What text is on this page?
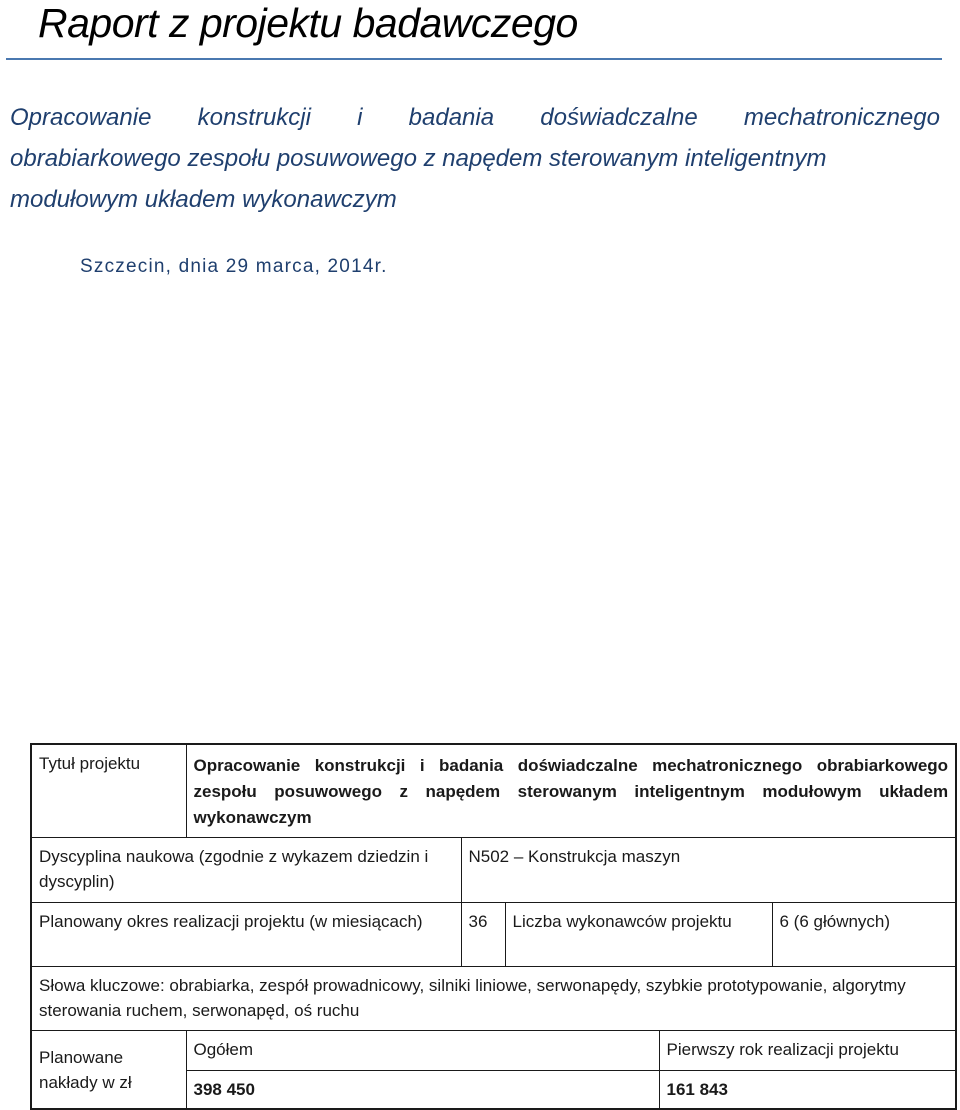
Raport z projektu badawczego
Opracowanie konstrukcji i badania doświadczalne mechatronicznego
obrabiarkowego zespołu posuwowego z napędem sterowanym inteligentnym
modułowym układem wykonawczym
Szczecin, dnia 29 marca, 2014r.
Tytuł projektu	Opracowanie konstrukcji i badania doświadczalne mechatronicznego obrabiarkowego zespołu posuwowego z napędem sterowanym inteligentnym modułowym układem wykonawczym				
Dyscyplina naukowa (zgodnie z wykazem dziedzin i dyscyplin)		N502 – Konstrukcja maszyn			
Planowany okres realizacji projektu (w miesiącach)		36	Liczba wykonawców projektu		6 (6 głównych)
Słowa kluczowe: obrabiarka, zespół prowadnicowy, silniki liniowe, serwonapędy, szybkie prototypowanie, algorytmy sterowania ruchem, serwonapęd, oś ruchu					
Planowane nakłady w zł	Ogółem			Pierwszy rok realizacji projektu	
	398 450			161 843	
